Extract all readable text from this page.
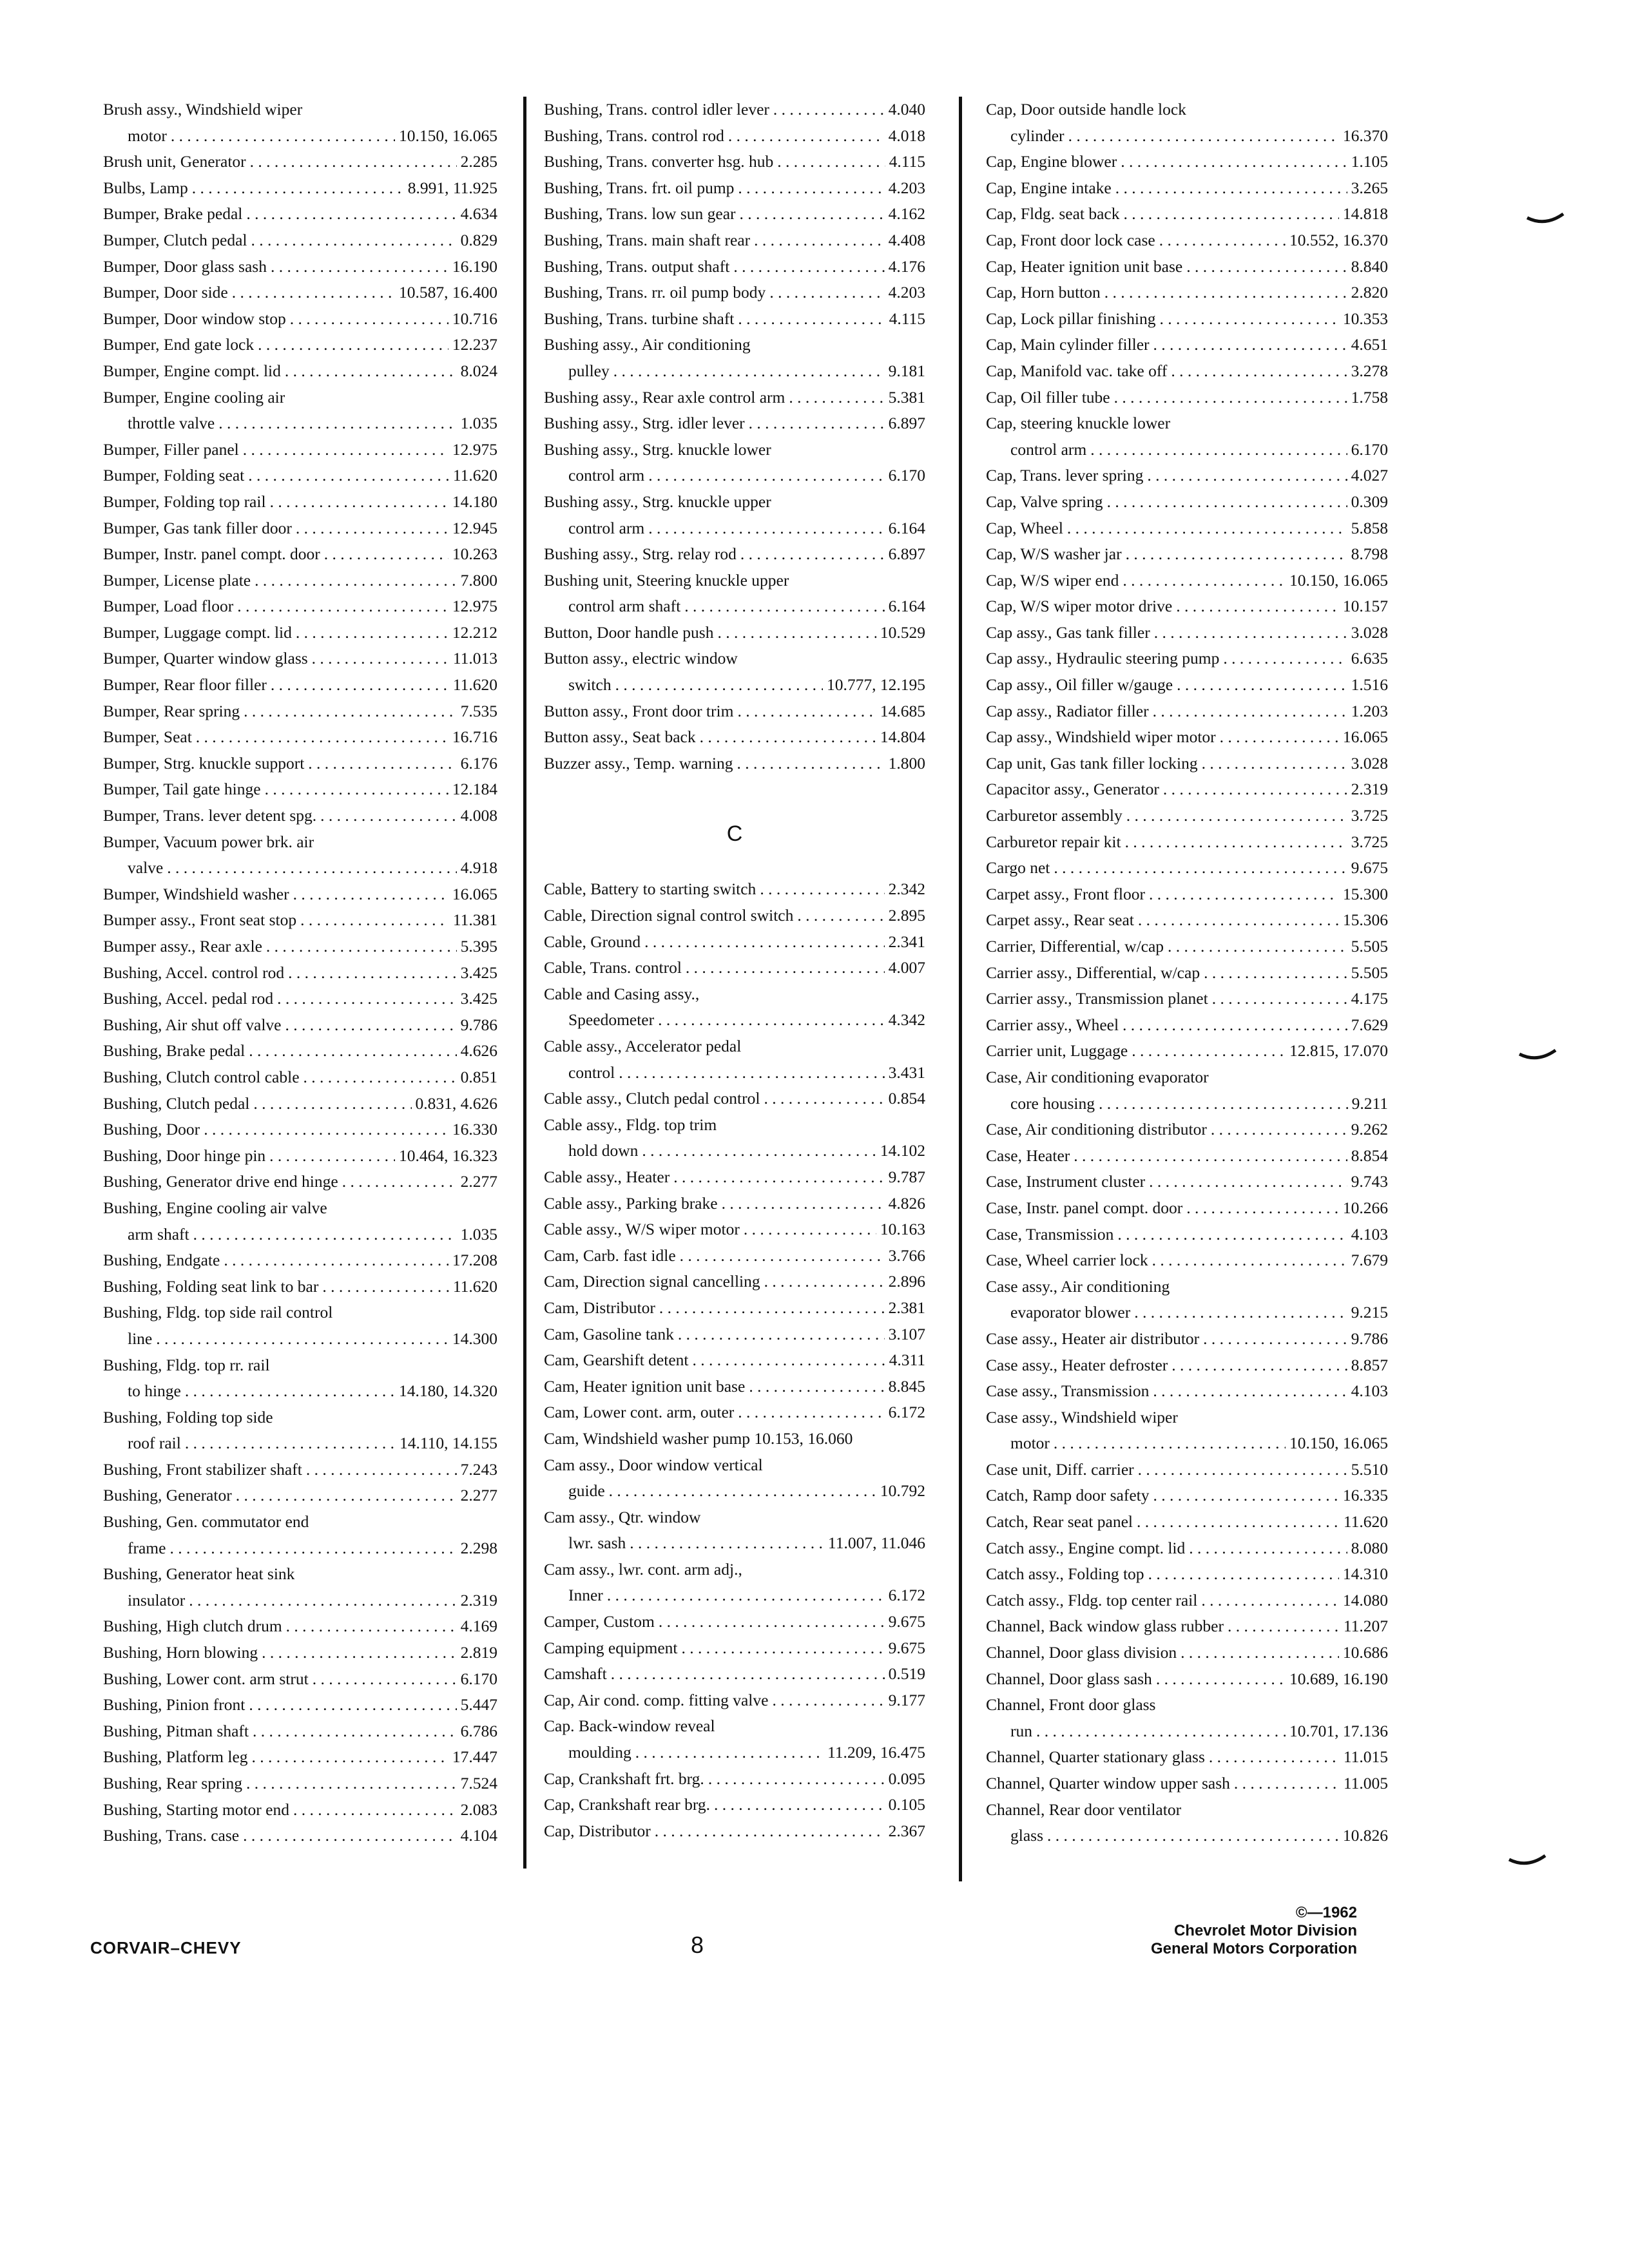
Brush assy., Windshield wiper
motor . . .	10.150, 16.065
Brush unit, Generator . . .	2.285
Bulbs, Lamp . . .	8.991, 11.925
Bumper, Brake pedal . . .	4.634
Bumper, Clutch pedal . . .	0.829
Bumper, Door glass sash . . .	16.190
Bumper, Door side . . .	10.587, 16.400
Bumper, Door window stop . . .	10.716
Bumper, End gate lock . . .	12.237
Bumper, Engine compt. lid . . .	8.024
Bumper, Engine cooling air
throttle valve . . .	1.035
Bumper, Filler panel . . .	12.975
Bumper, Folding seat . . .	11.620
Bumper, Folding top rail . . .	14.180
Bumper, Gas tank filler door . . .	12.945
Bumper, Instr. panel compt. door . . .	10.263
Bumper, License plate . . .	7.800
Bumper, Load floor . . .	12.975
Bumper, Luggage compt. lid . . .	12.212
Bumper, Quarter window glass . . .	11.013
Bumper, Rear floor filler . . .	11.620
Bumper, Rear spring . . .	7.535
Bumper, Seat . . .	16.716
Bumper, Strg. knuckle support . . .	6.176
Bumper, Tail gate hinge . . .	12.184
Bumper, Trans. lever detent spg. . . .	4.008
Bumper, Vacuum power brk. air
valve . . .	4.918
Bumper, Windshield washer . . .	16.065
Bumper assy., Front seat stop . . .	11.381
Bumper assy., Rear axle . . .	5.395
Bushing, Accel. control rod . . .	3.425
Bushing, Accel. pedal rod . . .	3.425
Bushing, Air shut off valve . . .	9.786
Bushing, Brake pedal . . .	4.626
Bushing, Clutch control cable . . .	0.851
Bushing, Clutch pedal . . .	0.831, 4.626
Bushing, Door . . .	16.330
Bushing, Door hinge pin . . .	10.464, 16.323
Bushing, Generator drive end hinge . . .	2.277
Bushing, Engine cooling air valve
arm shaft . . .	1.035
Bushing, Endgate . . .	17.208
Bushing, Folding seat link to bar . . .	11.620
Bushing, Fldg. top side rail control
line . . .	14.300
Bushing, Fldg. top rr. rail
to hinge . . .	14.180, 14.320
Bushing, Folding top side
roof rail . . .	14.110, 14.155
Bushing, Front stabilizer shaft . . .	7.243
Bushing, Generator . . .	2.277
Bushing, Gen. commutator end
frame . . .	2.298
Bushing, Generator heat sink
insulator . . .	2.319
Bushing, High clutch drum . . .	4.169
Bushing, Horn blowing . . .	2.819
Bushing, Lower cont. arm strut . . .	6.170
Bushing, Pinion front . . .	5.447
Bushing, Pitman shaft . . .	6.786
Bushing, Platform leg . . .	17.447
Bushing, Rear spring . . .	7.524
Bushing, Starting motor end . . .	2.083
Bushing, Trans. case . . .	4.104
Bushing, Trans. control idler lever . . .	4.040
Bushing, Trans. control rod . . .	4.018
Bushing, Trans. converter hsg. hub . . .	4.115
Bushing, Trans. frt. oil pump . . .	4.203
Bushing, Trans. low sun gear . . .	4.162
Bushing, Trans. main shaft rear . . .	4.408
Bushing, Trans. output shaft . . .	4.176
Bushing, Trans. rr. oil pump body . . .	4.203
Bushing, Trans. turbine shaft . . .	4.115
Bushing assy., Air conditioning
pulley . . .	9.181
Bushing assy., Rear axle control arm . . .	5.381
Bushing assy., Strg. idler lever . . .	6.897
Bushing assy., Strg. knuckle lower
control arm . . .	6.170
Bushing assy., Strg. knuckle upper
control arm . . .	6.164
Bushing assy., Strg. relay rod . . .	6.897
Bushing unit, Steering knuckle upper
control arm shaft . . .	6.164
Button, Door handle push . . .	10.529
Button assy., electric window
switch . . .	10.777, 12.195
Button assy., Front door trim . . .	14.685
Button assy., Seat back . . .	14.804
Buzzer assy., Temp. warning . . .	1.800
C
Cable, Battery to starting switch . . .	2.342
Cable, Direction signal control switch . . .	2.895
Cable, Ground . . .	2.341
Cable, Trans. control . . .	4.007
Cable and Casing assy.,
Speedometer . . .	4.342
Cable assy., Accelerator pedal
control . . .	3.431
Cable assy., Clutch pedal control . . .	0.854
Cable assy., Fldg. top trim
hold down . . .	14.102
Cable assy., Heater . . .	9.787
Cable assy., Parking brake . . .	4.826
Cable assy., W/S wiper motor . . .	10.163
Cam, Carb. fast idle . . .	3.766
Cam, Direction signal cancelling . . .	2.896
Cam, Distributor . . .	2.381
Cam, Gasoline tank . . .	3.107
Cam, Gearshift detent . . .	4.311
Cam, Heater ignition unit base . . .	8.845
Cam, Lower cont. arm, outer . . .	6.172
Cam, Windshield washer pump 10.153, 16.060
Cam assy., Door window vertical
guide . . .	10.792
Cam assy., Qtr. window
lwr. sash . . .	11.007, 11.046
Cam assy., lwr. cont. arm adj.,
Inner . . .	6.172
Camper, Custom . . .	9.675
Camping equipment . . .	9.675
Camshaft . . .	0.519
Cap, Air cond. comp. fitting valve . . .	9.177
Cap. Back-window reveal
moulding . . .	11.209, 16.475
Cap, Crankshaft frt. brg. . . .	0.095
Cap, Crankshaft rear brg. . . .	0.105
Cap, Distributor . . .	2.367
Cap, Door outside handle lock
cylinder . . .	16.370
Cap, Engine blower . . .	1.105
Cap, Engine intake . . .	3.265
Cap, Fldg. seat back . . .	14.818
Cap, Front door lock case . . .	10.552, 16.370
Cap, Heater ignition unit base . . .	8.840
Cap, Horn button . . .	2.820
Cap, Lock pillar finishing . . .	10.353
Cap, Main cylinder filler . . .	4.651
Cap, Manifold vac. take off . . .	3.278
Cap, Oil filler tube . . .	1.758
Cap, steering knuckle lower
control arm . . .	6.170
Cap, Trans. lever spring . . .	4.027
Cap, Valve spring . . .	0.309
Cap, Wheel . . .	5.858
Cap, W/S washer jar . . .	8.798
Cap, W/S wiper end . . .	10.150, 16.065
Cap, W/S wiper motor drive . . .	10.157
Cap assy., Gas tank filler . . .	3.028
Cap assy., Hydraulic steering pump . . .	6.635
Cap assy., Oil filler w/gauge . . .	1.516
Cap assy., Radiator filler . . .	1.203
Cap assy., Windshield wiper motor . . .	16.065
Cap unit, Gas tank filler locking . . .	3.028
Capacitor assy., Generator . . .	2.319
Carburetor assembly . . .	3.725
Carburetor repair kit . . .	3.725
Cargo net . . .	9.675
Carpet assy., Front floor . . .	15.300
Carpet assy., Rear seat . . .	15.306
Carrier, Differential, w/cap . . .	5.505
Carrier assy., Differential, w/cap . . .	5.505
Carrier assy., Transmission planet . . .	4.175
Carrier assy., Wheel . . .	7.629
Carrier unit, Luggage . . .	12.815, 17.070
Case, Air conditioning evaporator
core housing . . .	9.211
Case, Air conditioning distributor . . .	9.262
Case, Heater . . .	8.854
Case, Instrument cluster . . .	9.743
Case, Instr. panel compt. door . . .	10.266
Case, Transmission . . .	4.103
Case, Wheel carrier lock . . .	7.679
Case assy., Air conditioning
evaporator blower . . .	9.215
Case assy., Heater air distributor . . .	9.786
Case assy., Heater defroster . . .	8.857
Case assy., Transmission . . .	4.103
Case assy., Windshield wiper
motor . . .	10.150, 16.065
Case unit, Diff. carrier . . .	5.510
Catch, Ramp door safety . . .	16.335
Catch, Rear seat panel . . .	11.620
Catch assy., Engine compt. lid . . .	8.080
Catch assy., Folding top . . .	14.310
Catch assy., Fldg. top center rail . . .	14.080
Channel, Back window glass rubber . . .	11.207
Channel, Door glass division . . .	10.686
Channel, Door glass sash . . .	10.689, 16.190
Channel, Front door glass
run . . .	10.701, 17.136
Channel, Quarter stationary glass . . .	11.015
Channel, Quarter window upper sash . . .	11.005
Channel, Rear door ventilator
glass . . .	10.826
CORVAIR–CHEVY	8
©—1962
Chevrolet Motor Division
General Motors Corporation
